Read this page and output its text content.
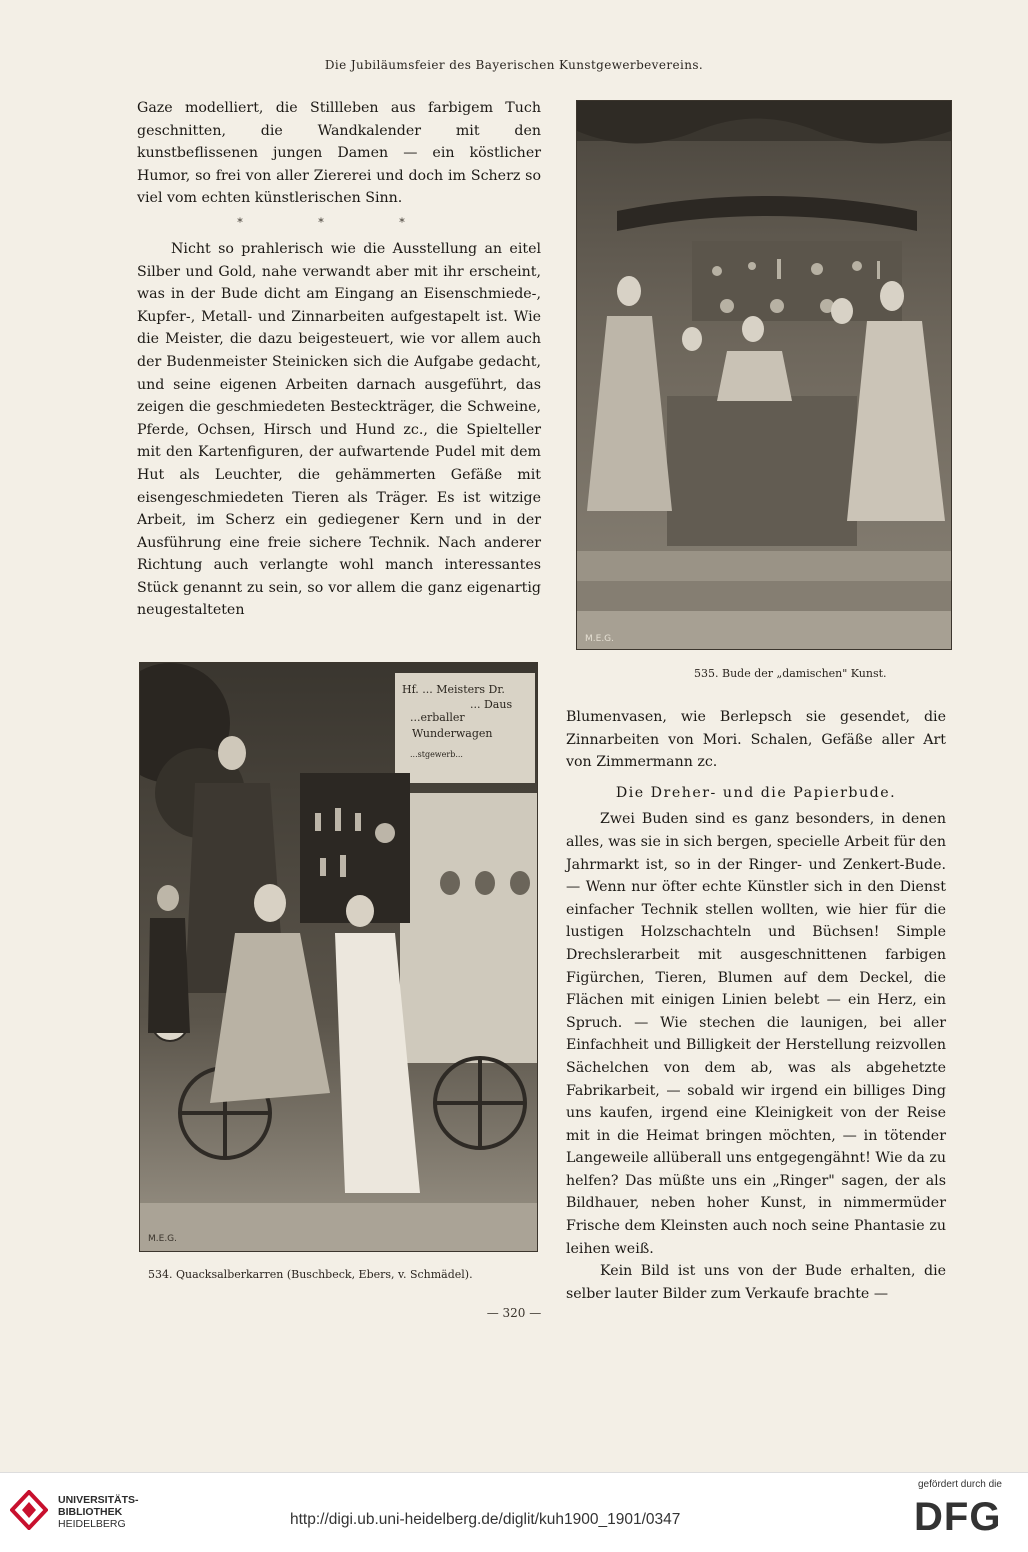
Die Jubiläumsfeier des Bayerischen Kunstgewerbevereins.

Gaze modelliert, die Stillleben aus farbigem Tuch geschnitten, die Wandkalender mit den kunstbeflissenen jungen Damen — ein köstlicher Humor, so frei von aller Ziererei und doch im Scherz so viel vom echten künstlerischen Sinn.

* * *

Nicht so prahlerisch wie die Ausstellung an eitel Silber und Gold, nahe verwandt aber mit ihr erscheint, was in der Bude dicht am Eingang an Eisenschmiede-, Kupfer-, Metall- und Zinnarbeiten aufgestapelt ist. Wie die Meister, die dazu beigesteuert, wie vor allem auch der Budenmeister Steinicken sich die Aufgabe gedacht, und seine eigenen Arbeiten darnach ausgeführt, das zeigen die geschmiedeten Besteckträger, die Schweine, Pferde, Ochsen, Hirsch und Hund zc., die Spielteller mit den Kartenfiguren, der aufwartende Pudel mit dem Hut als Leuchter, die gehämmerten Gefäße mit eisengeschmiedeten Tieren als Träger. Es ist witzige Arbeit, im Scherz ein gediegener Kern und in der Ausführung eine freie sichere Technik. Nach anderer Richtung auch verlangte wohl manch interessantes Stück genannt zu sein, so vor allem die ganz eigenartig neugestalteten

M.E.G.
535. Bude der „damischen" Kunst.
Hf. ... Meisters Dr.
... Daus
...erballer
Wunderwagen
...stgewerb...
M.E.G.
534. Quacksalberkarren (Buschbeck, Ebers, v. Schmädel).

Blumenvasen, wie Berlepsch sie gesendet, die Zinnarbeiten von Mori. Schalen, Gefäße aller Art von Zimmermann zc.

Die Dreher- und die Papierbude.

Zwei Buden sind es ganz besonders, in denen alles, was sie in sich bergen, specielle Arbeit für den Jahrmarkt ist, so in der Ringer- und Zenkert-Bude. — Wenn nur öfter echte Künstler sich in den Dienst einfacher Technik stellen wollten, wie hier für die lustigen Holzschachteln und Büchsen! Simple Drechslerarbeit mit ausgeschnittenen farbigen Figürchen, Tieren, Blumen auf dem Deckel, die Flächen mit einigen Linien belebt — ein Herz, ein Spruch. — Wie stechen die launigen, bei aller Einfachheit und Billigkeit der Herstellung reizvollen Sächelchen von dem ab, was als abgehetzte Fabrikarbeit, — sobald wir irgend ein billiges Ding uns kaufen, irgend eine Kleinigkeit von der Reise mit in die Heimat bringen möchten, — in tötender Langeweile allüberall uns entgegengähnt! Wie da zu helfen? Das müßte uns ein „Ringer" sagen, der als Bildhauer, neben hoher Kunst, in nimmermüder Frische dem Kleinsten auch noch seine Phantasie zu leihen weiß.

Kein Bild ist uns von der Bude erhalten, die selber lauter Bilder zum Verkaufe brachte —

— 320 —
UNIVERSITÄTS-
BIBLIOTHEK
HEIDELBERG	http://digi.ub.uni-heidelberg.de/diglit/kuh1900_1901/0347
gefördert durch die
DFG
